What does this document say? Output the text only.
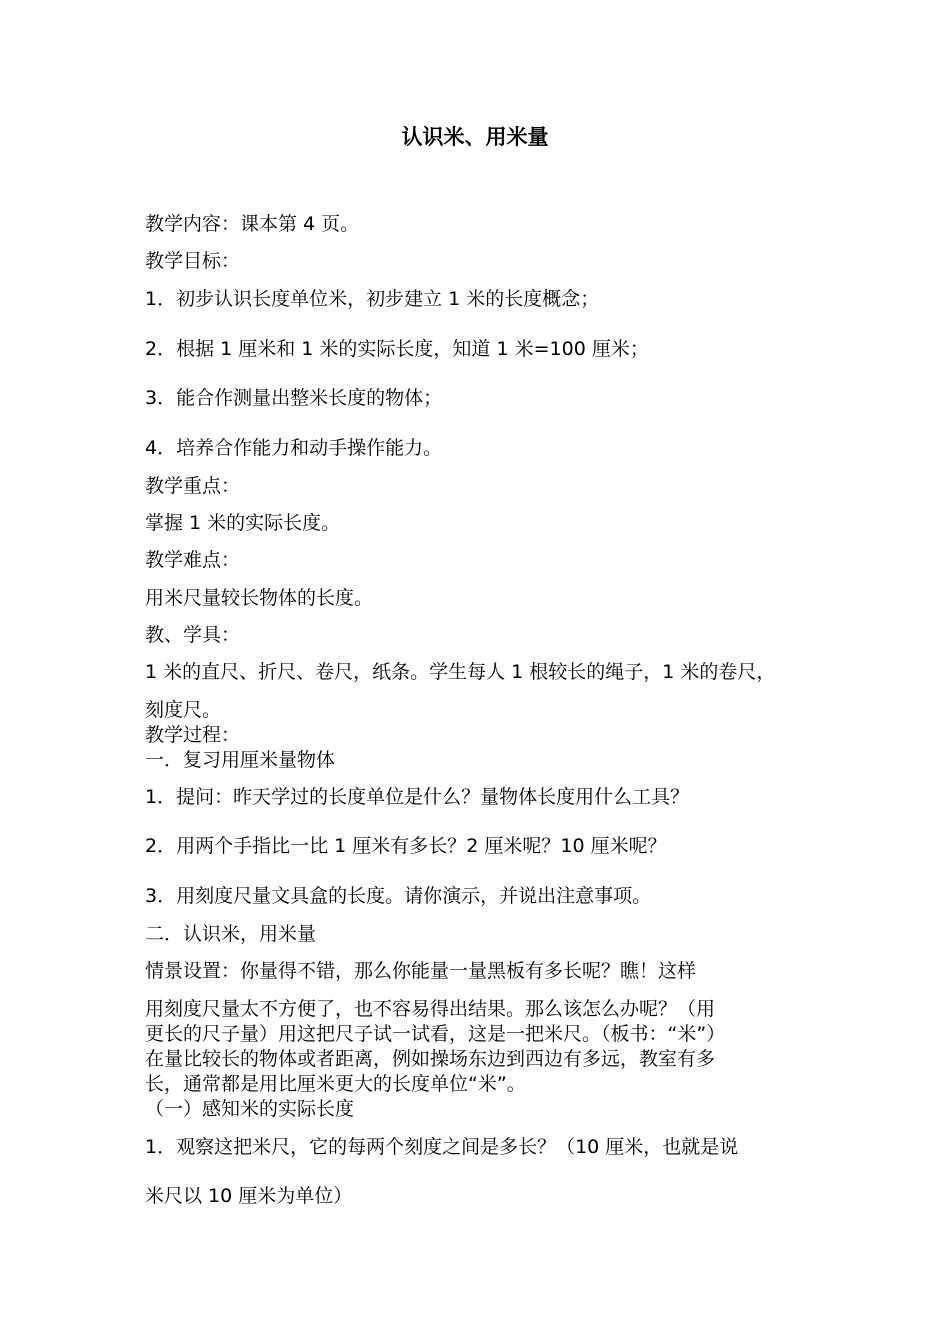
认识米、用米量
教学内容：课本第 4 页。
教学目标：
1．初步认识长度单位米，初步建立 1 米的长度概念；
2．根据 1 厘米和 1 米的实际长度，知道 1 米=100 厘米；
3．能合作测量出整米长度的物体；
4．培养合作能力和动手操作能力。
教学重点：
掌握 1 米的实际长度。
教学难点：
用米尺量较长物体的长度。
教、学具：
1 米的直尺、折尺、卷尺，纸条。学生每人 1 根较长的绳子，1 米的卷尺，
刻度尺。
教学过程：
一．复习用厘米量物体
1．提问：昨天学过的长度单位是什么？量物体长度用什么工具？
2．用两个手指比一比 1 厘米有多长？2 厘米呢？10 厘米呢？
3．用刻度尺量文具盒的长度。请你演示，并说出注意事项。
二．认识米，用米量
情景设置：你量得不错，那么你能量一量黑板有多长呢？瞧！这样
用刻度尺量太不方便了，也不容易得出结果。那么该怎么办呢？（用
更长的尺子量）用这把尺子试一试看，这是一把米尺。（板书：“米”）
在量比较长的物体或者距离，例如操场东边到西边有多远，教室有多
长，通常都是用比厘米更大的长度单位“米”。
（一）感知米的实际长度
1．观察这把米尺，它的每两个刻度之间是多长？（10 厘米，也就是说
米尺以 10 厘米为单位）
